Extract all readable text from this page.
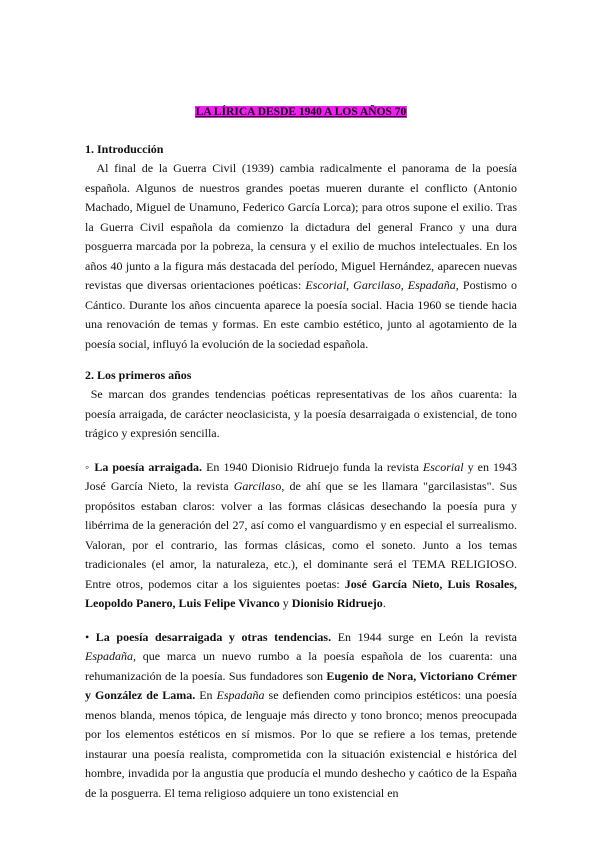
LA LÍRICA DESDE 1940 A LOS AÑOS 70
1. Introducción

Al final de la Guerra Civil (1939) cambia radicalmente el panorama de la poesía española. Algunos de nuestros grandes poetas mueren durante el conflicto (Antonio Machado, Miguel de Unamuno, Federico García Lorca); para otros supone el exilio. Tras la Guerra Civil española da comienzo la dictadura del general Franco y una dura posguerra marcada por la pobreza, la censura y el exilio de muchos intelectuales. En los años 40 junto a la figura más destacada del período, Miguel Hernández, aparecen nuevas revistas que diversas orientaciones poéticas: Escorial, Garcilaso, Espadaña, Postismo o Cántico. Durante los años cincuenta aparece la poesía social. Hacia 1960 se tiende hacia una renovación de temas y formas. En este cambio estético, junto al agotamiento de la poesía social, influyó la evolución de la sociedad española.

2. Los primeros años

Se marcan dos grandes tendencias poéticas representativas de los años cuarenta: la poesía arraigada, de carácter neoclasicista, y la poesía desarraigada o existencial, de tono trágico y expresión sencilla.

◦ La poesía arraigada. En 1940 Dionisio Ridruejo funda la revista Escorial y en 1943 José García Nieto, la revista Garcilaso, de ahí que se les llamara "garcilasistas". Sus propósitos estaban claros: volver a las formas clásicas desechando la poesía pura y libérrima de la generación del 27, así como el vanguardismo y en especial el surrealismo. Valoran, por el contrario, las formas clásicas, como el soneto. Junto a los temas tradicionales (el amor, la naturaleza, etc.), el dominante será el TEMA RELIGIOSO. Entre otros, podemos citar a los siguientes poetas: José García Nieto, Luis Rosales, Leopoldo Panero, Luis Felipe Vivanco y Dionisio Ridruejo.

• La poesía desarraigada y otras tendencias. En 1944 surge en León la revista Espadaña, que marca un nuevo rumbo a la poesía española de los cuarenta: una rehumanización de la poesía. Sus fundadores son Eugenio de Nora, Victoriano Crémer y González de Lama. En Espadaña se defienden como principios estéticos: una poesía menos blanda, menos tópica, de lenguaje más directo y tono bronco; menos preocupada por los elementos estéticos en sí mismos. Por lo que se refiere a los temas, pretende instaurar una poesía realista, comprometida con la situación existencial e histórica del hombre, invadida por la angustia que producía el mundo deshecho y caótico de la España de la posguerra. El tema religioso adquiere un tono existencial en
